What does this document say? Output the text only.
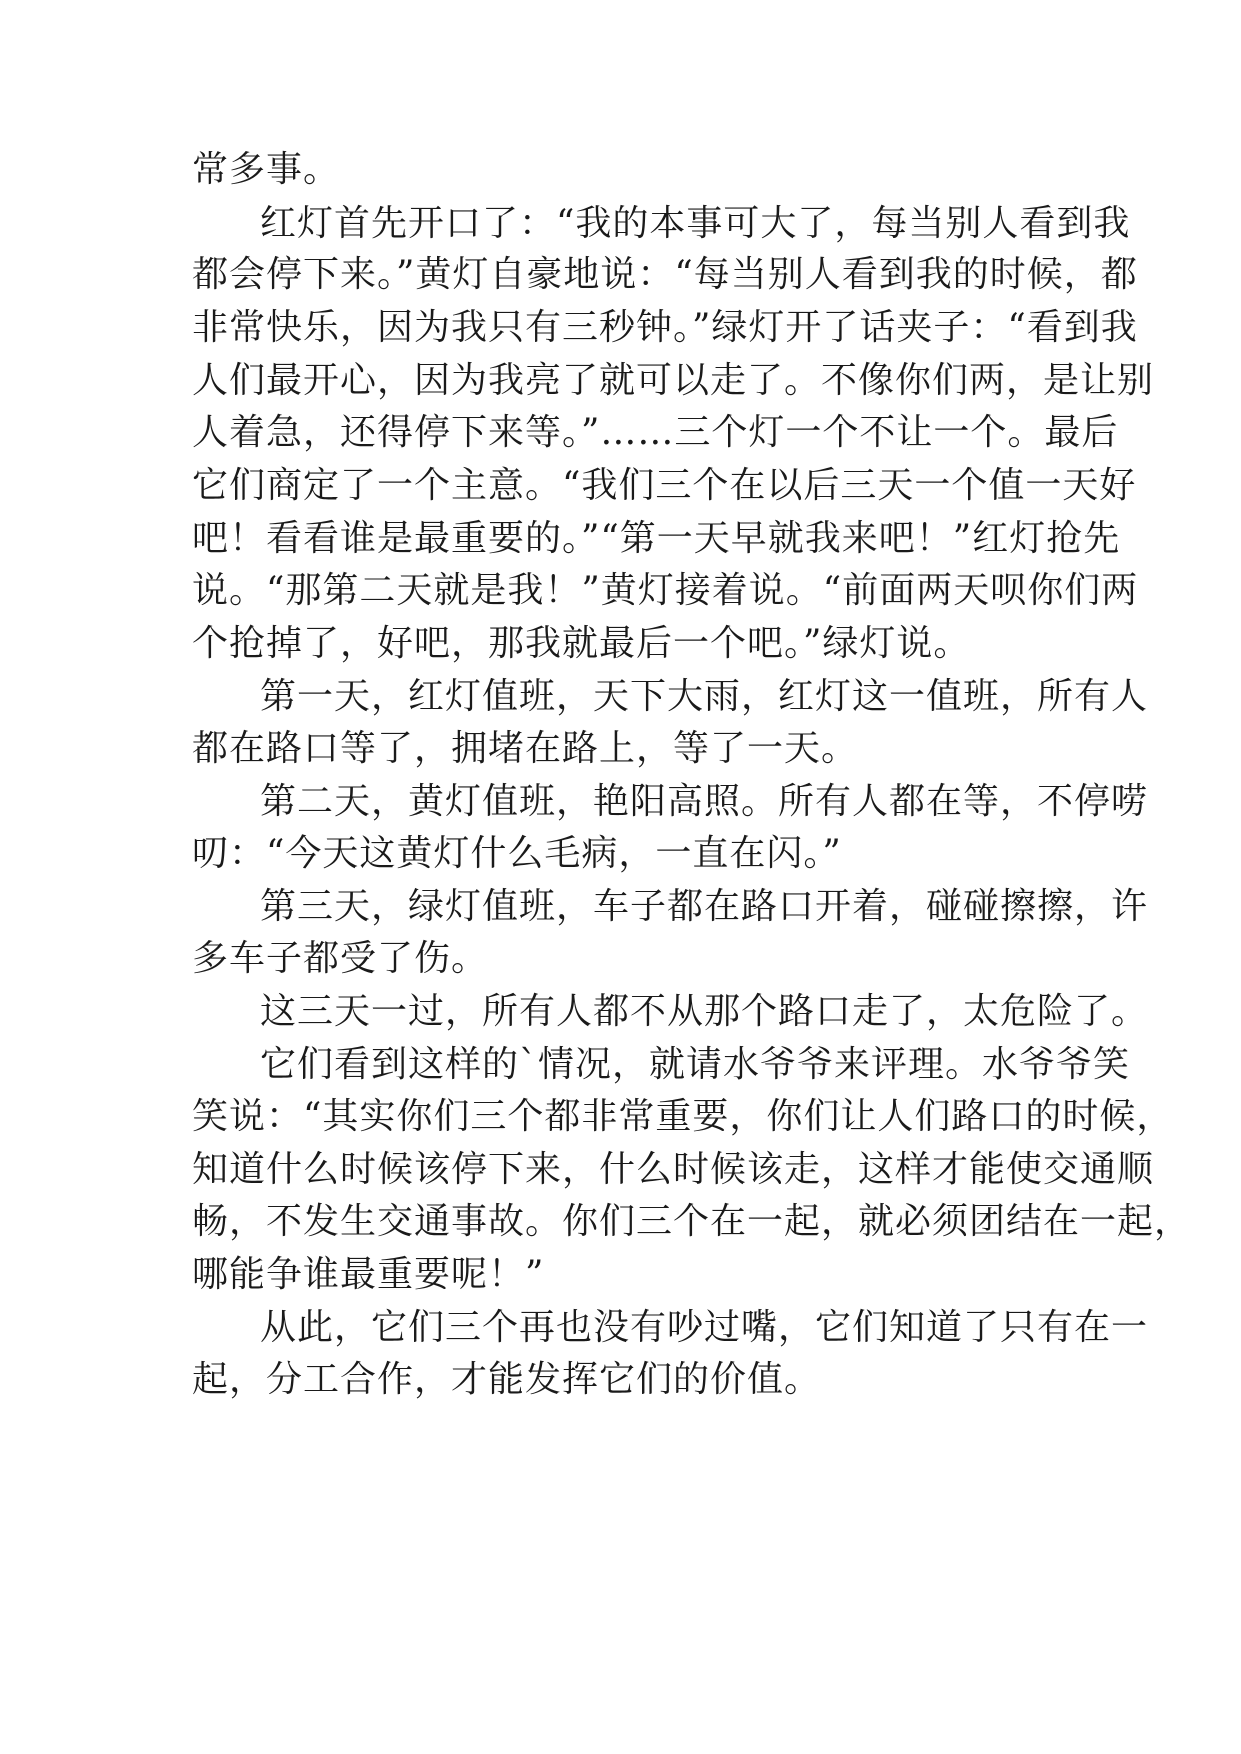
常多事。
红灯首先开口了：“我的本事可大了，每当别人看到我
都会停下来。”黄灯自豪地说：“每当别人看到我的时候，都
非常快乐，因为我只有三秒钟。”绿灯开了话夹子：“看到我
人们最开心，因为我亮了就可以走了。不像你们两，是让别
人着急，还得停下来等。”……三个灯一个不让一个。最后
它们商定了一个主意。“我们三个在以后三天一个值一天好
吧！看看谁是最重要的。”“第一天早就我来吧！”红灯抢先
说。“那第二天就是我！”黄灯接着说。“前面两天呗你们两
个抢掉了，好吧，那我就最后一个吧。”绿灯说。
第一天，红灯值班，天下大雨，红灯这一值班，所有人
都在路口等了，拥堵在路上，等了一天。
第二天，黄灯值班，艳阳高照。所有人都在等，不停唠
叨：“今天这黄灯什么毛病，一直在闪。”
第三天，绿灯值班，车子都在路口开着，碰碰擦擦，许
多车子都受了伤。
这三天一过，所有人都不从那个路口走了，太危险了。
它们看到这样的`情况，就请水爷爷来评理。水爷爷笑
笑说：“其实你们三个都非常重要，你们让人们路口的时候，
知道什么时候该停下来，什么时候该走，这样才能使交通顺
畅，不发生交通事故。你们三个在一起，就必须团结在一起，
哪能争谁最重要呢！”
从此，它们三个再也没有吵过嘴，它们知道了只有在一
起，分工合作，才能发挥它们的价值。
